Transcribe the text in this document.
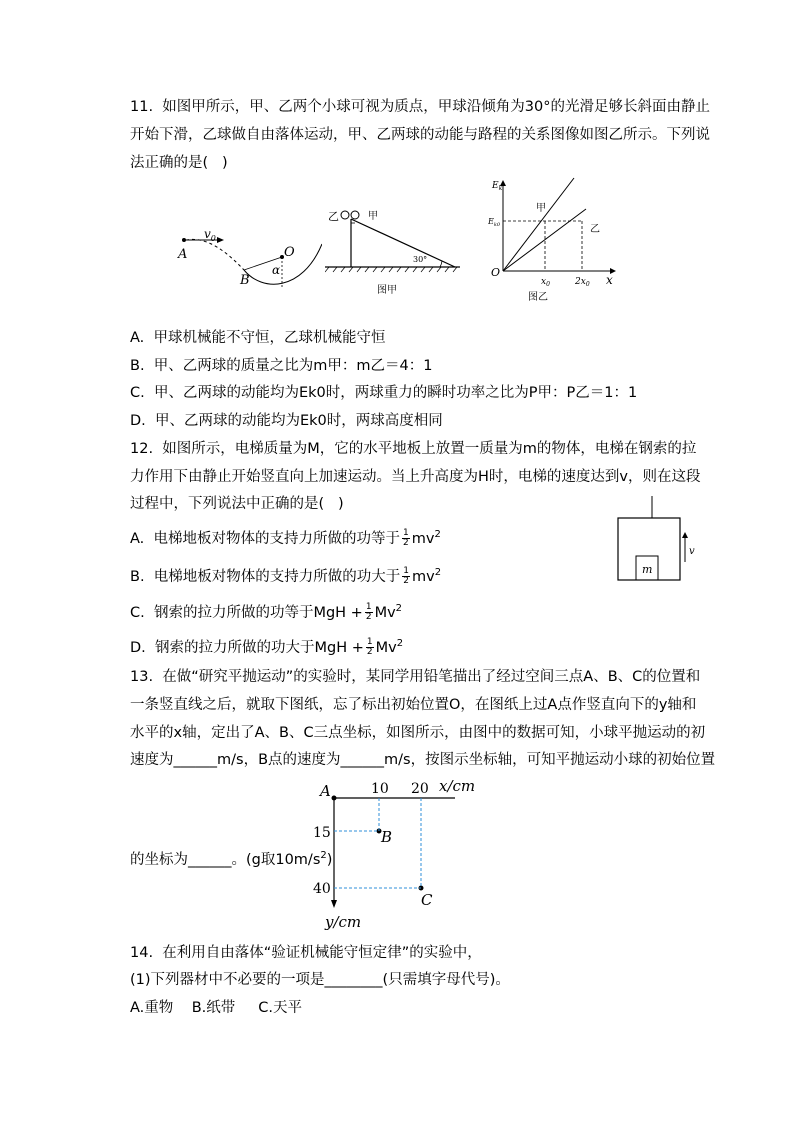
11.  如图甲所示，甲、乙两个小球可视为质点，甲球沿倾角为30°的光滑足够长斜面由静止
开始下滑，乙球做自由落体运动，甲、乙两球的动能与路程的关系图像如图乙所示。下列说
法正确的是(   )
A
$v_0$
B
O
α
乙	甲
30°
图甲
$E_k$
$E_{k0}$
O
x
$x_0$	$2x_0$
甲
乙
图乙
A.  甲球机械能不守恒，乙球机械能守恒
B.  甲、乙两球的质量之比为m甲：m乙＝4：1
C.  甲、乙两球的动能均为Ek0时，两球重力的瞬时功率之比为P甲：P乙＝1：1
D.  甲、乙两球的动能均为Ek0时，两球高度相同
12.  如图所示，电梯质量为M，它的水平地板上放置一质量为m的物体，电梯在钢索的拉
力作用下由静止开始竖直向上加速运动。当上升高度为H时，电梯的速度达到v，则在这段
过程中，下列说法中正确的是(   )
m
v
A.  电梯地板对物体的支持力所做的功等于 $\frac{1}{2} mv^2$
B.  电梯地板对物体的支持力所做的功大于 $\frac{1}{2} mv^2$
C.  钢索的拉力所做的功等于MgH + $\frac{1}{2} Mv^2$
D.  钢索的拉力所做的功大于MgH + $\frac{1}{2} Mv^2$
13.  在做“研究平抛运动”的实验时，某同学用铅笔描出了经过空间三点A、B、C的位置和
一条竖直线之后，就取下图纸，忘了标出初始位置O，在图纸上过A点作竖直向下的y轴和
水平的x轴，定出了A、B、C三点坐标，如图所示，由图中的数据可知，小球平抛运动的初
速度为______m/s，B点的速度为______m/s，按图示坐标轴，可知平抛运动小球的初始位置
A	10 20 x/cm
15	B
40
C
y/cm
的坐标为______。(g取$10m/s^2$)
14.  在利用自由落体“验证机械能守恒定律”的实验中，
(1)下列器材中不必要的一项是________(只需填字母代号)。
A.重物    B.纸带     C.天平
